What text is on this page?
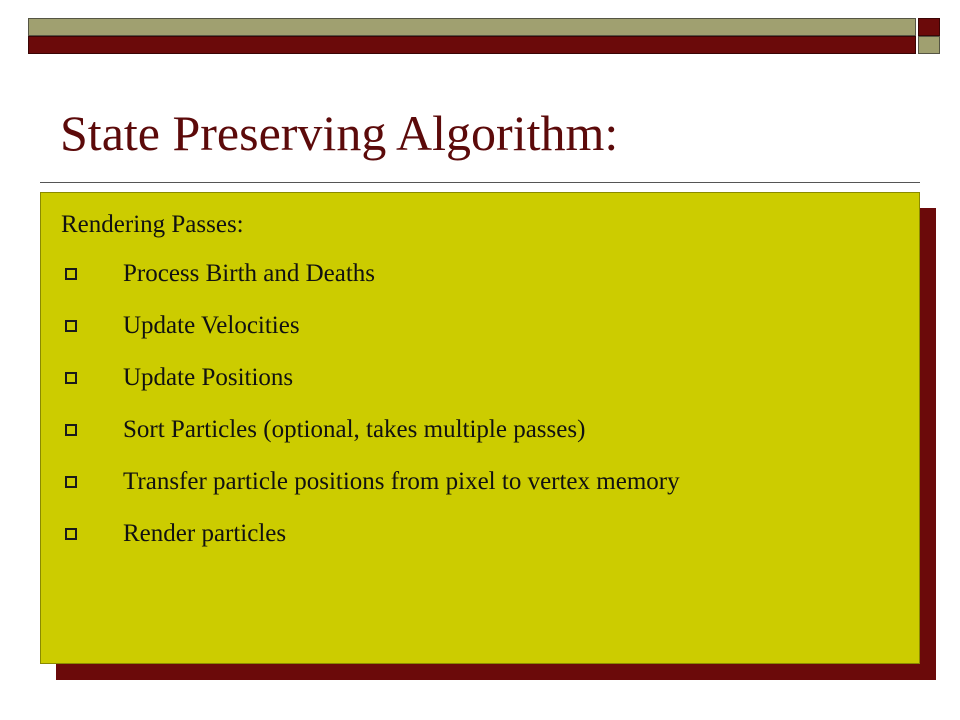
State Preserving Algorithm:

Rendering Passes:

Process Birth and Deaths
Update Velocities
Update Positions
Sort Particles (optional, takes multiple passes)
Transfer particle positions from pixel to vertex memory
Render particles
